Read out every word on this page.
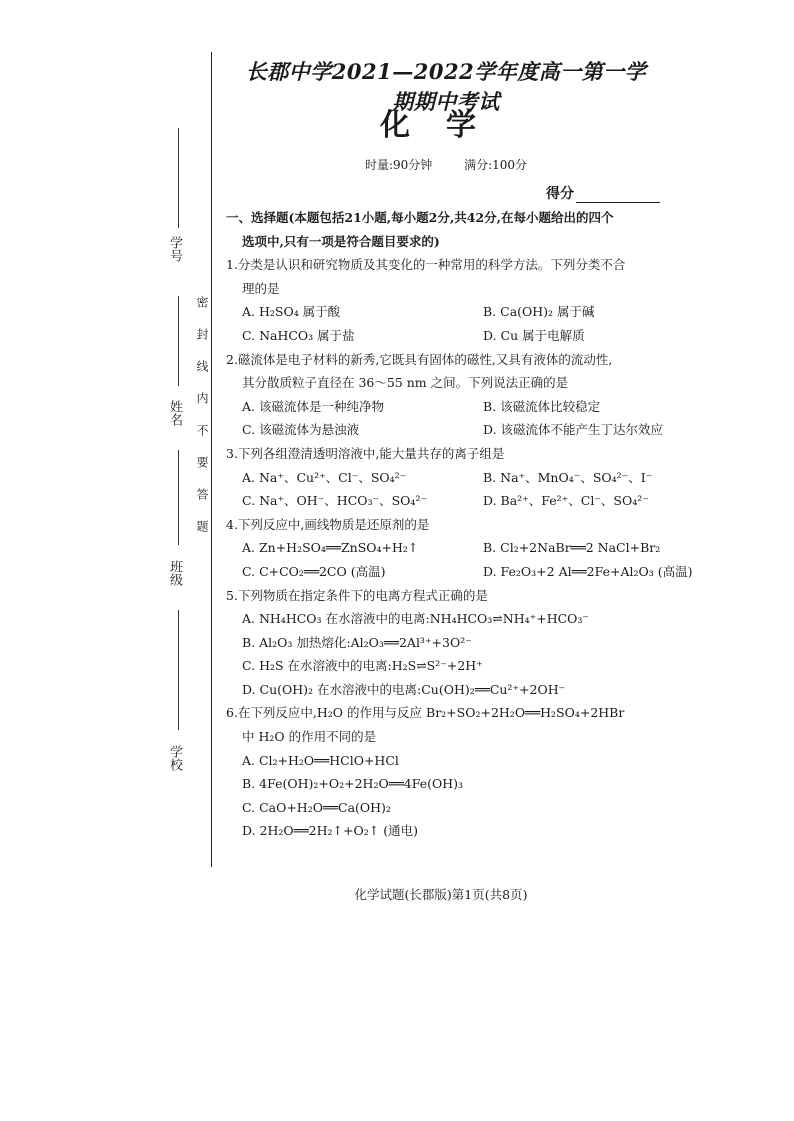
学号
姓名
班级
学校
密封线内不要答题
长郡中学2021—2022学年度高一第一学期期中考试
化学
时量:90分钟	满分:100分
得分
一、选择题(本题包括21小题,每小题2分,共42分,在每小题给出的四个
选项中,只有一项是符合题目要求的)
1.分类是认识和研究物质及其变化的一种常用的科学方法。下列分类不合
理的是
A. H₂SO₄ 属于酸	B. Ca(OH)₂ 属于碱
C. NaHCO₃ 属于盐	D. Cu 属于电解质
2.磁流体是电子材料的新秀,它既具有固体的磁性,又具有液体的流动性,
其分散质粒子直径在 36～55 nm 之间。下列说法正确的是
A. 该磁流体是一种纯净物	B. 该磁流体比较稳定
C. 该磁流体为悬浊液	D. 该磁流体不能产生丁达尔效应
3.下列各组澄清透明溶液中,能大量共存的离子组是
A. Na⁺、Cu²⁺、Cl⁻、SO₄²⁻	B. Na⁺、MnO₄⁻、SO₄²⁻、I⁻
C. Na⁺、OH⁻、HCO₃⁻、SO₄²⁻	D. Ba²⁺、Fe²⁺、Cl⁻、SO₄²⁻
4.下列反应中,画线物质是还原剂的是
A. Zn+H₂SO₄══ZnSO₄+H₂↑	B. Cl₂+2NaBr══2 NaCl+Br₂
C. C+CO₂══2CO (高温)	D. Fe₂O₃+2 Al══2Fe+Al₂O₃ (高温)
5.下列物质在指定条件下的电离方程式正确的是
A. NH₄HCO₃ 在水溶液中的电离:NH₄HCO₃⇌NH₄⁺+HCO₃⁻
B. Al₂O₃ 加热熔化:Al₂O₃══2Al³⁺+3O²⁻
C. H₂S 在水溶液中的电离:H₂S⇌S²⁻+2H⁺
D. Cu(OH)₂ 在水溶液中的电离:Cu(OH)₂══Cu²⁺+2OH⁻
6.在下列反应中,H₂O 的作用与反应 Br₂+SO₂+2H₂O══H₂SO₄+2HBr
中 H₂O 的作用不同的是
A. Cl₂+H₂O══HClO+HCl
B. 4Fe(OH)₂+O₂+2H₂O══4Fe(OH)₃
C. CaO+H₂O══Ca(OH)₂
D. 2H₂O══2H₂↑+O₂↑ (通电)
化学试题(长郡版)第1页(共8页)
